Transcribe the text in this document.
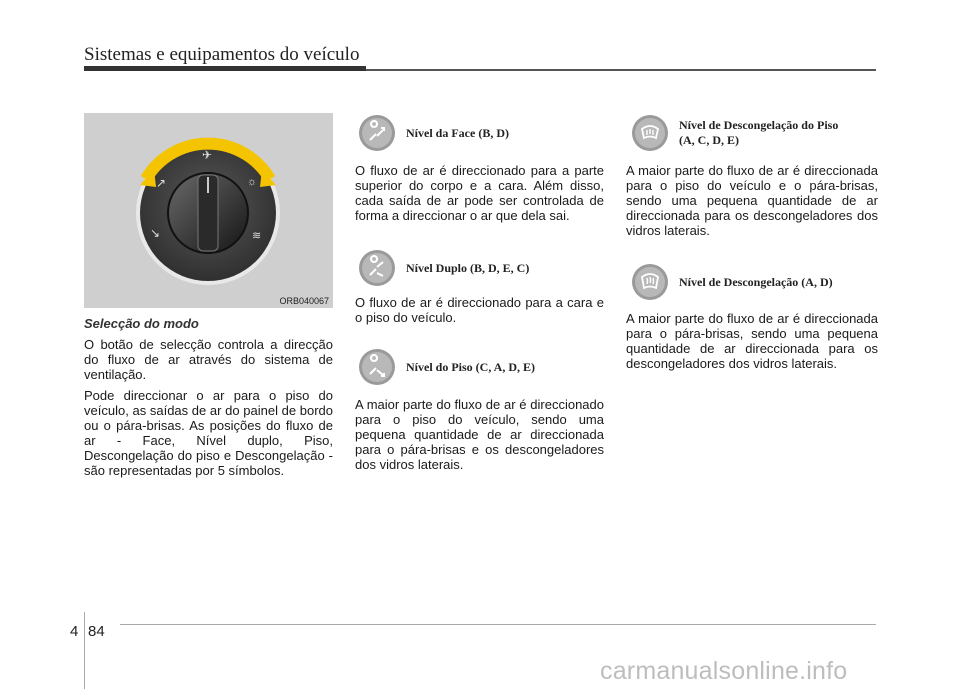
Sistemas e equipamentos do veículo
✈
↗	☼
↘	≋
ORB040067

Selecção do modo

O botão de selecção controla a direcção do fluxo de ar através do sistema de ventilação.

Pode direccionar o ar para o piso do veículo, as saídas de ar do painel de bordo ou o pára-brisas. As posições do fluxo de ar - Face, Nível duplo, Piso, Descongelação do piso e Descongelação - são representadas por 5 símbolos.

Nível da Face (B, D)
O fluxo de ar é direccionado para a parte superior do corpo e a cara. Além disso, cada saída de ar pode ser controlada de forma a direccionar o ar que dela sai.
Nível Duplo (B, D, E, C)
O fluxo de ar é direccionado para a cara e o piso do veículo.
Nível do Piso (C, A, D, E)
A maior parte do fluxo de ar é direccionado para o piso do veículo, sendo uma pequena quantidade de ar direccionada para o pára-brisas e os descongeladores dos vidros laterais.
Nível de Descongelação do Piso
(A, C, D, E)
A maior parte do fluxo de ar é direccionada para o piso do veículo e o pára-brisas, sendo uma pequena quantidade de ar direccionada para os descongeladores dos vidros laterais.
Nível de Descongelação (A, D)
A maior parte do fluxo de ar é direccionada para o pára-brisas, sendo uma pequena quantidade de ar direccionada para os descongeladores dos vidros laterais.
4 84
carmanualsonline.info
